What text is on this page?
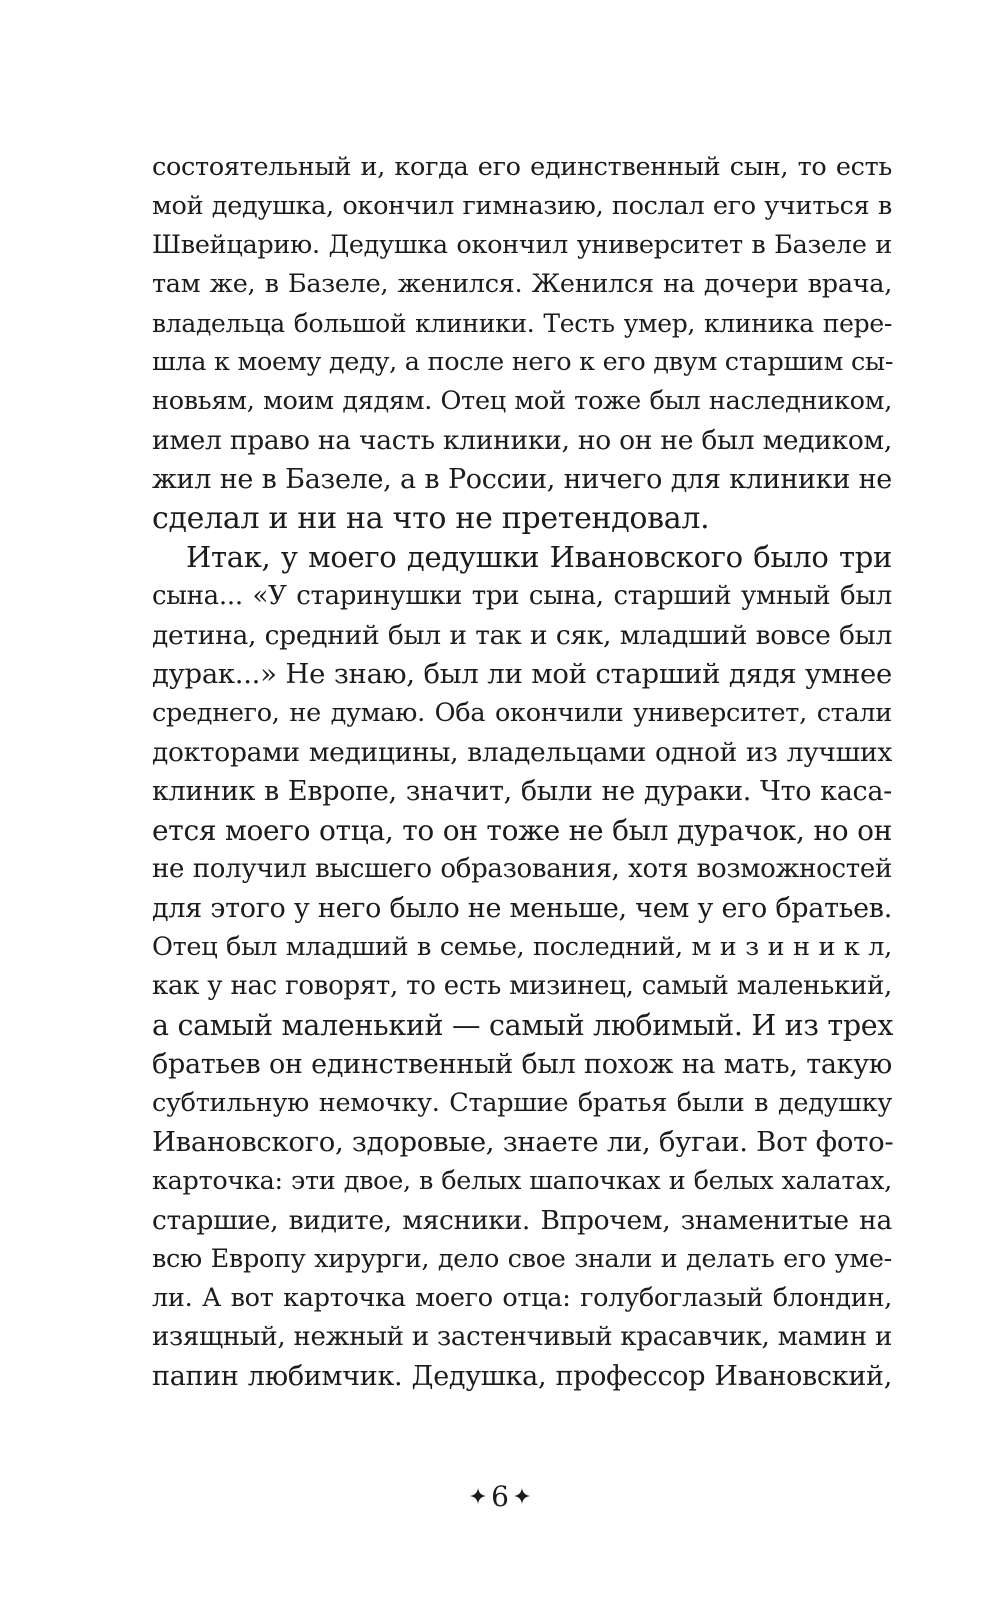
состоятельный и, когда его единственный сын, то есть
мой дедушка, окончил гимназию, послал его учиться в
Швейцарию. Дедушка окончил университет в Базеле и
там же, в Базеле, женился. Женился на дочери врача,
владельца большой клиники. Тесть умер, клиника пере-
шла к моему деду, а после него к его двум старшим сы-
новьям, моим дядям. Отец мой тоже был наследником,
имел право на часть клиники, но он не был медиком,
жил не в Базеле, а в России, ничего для клиники не
сделал и ни на что не претендовал.
Итак, у моего дедушки Ивановского было три
сына... «У старинушки три сына, старший умный был
детина, средний был и так и сяк, младший вовсе был
дурак...» Не знаю, был ли мой старший дядя умнее
среднего, не думаю. Оба окончили университет, стали
докторами медицины, владельцами одной из лучших
клиник в Европе, значит, были не дураки. Что каса-
ется моего отца, то он тоже не был дурачок, но он
не получил высшего образования, хотя возможностей
для этого у него было не меньше, чем у его братьев.
Отец был младший в семье, последний, м и з и н и к л,
как у нас говорят, то есть мизинец, самый маленький,
а самый маленький — самый любимый. И из трех
братьев он единственный был похож на мать, такую
субтильную немочку. Старшие братья были в дедушку
Ивановского, здоровые, знаете ли, бугаи. Вот фото-
карточка: эти двое, в белых шапочках и белых халатах,
старшие, видите, мясники. Впрочем, знаменитые на
всю Европу хирурги, дело свое знали и делать его уме-
ли. А вот карточка моего отца: голубоглазый блондин,
изящный, нежный и застенчивый красавчик, мамин и
папин любимчик. Дедушка, профессор Ивановский,
6
